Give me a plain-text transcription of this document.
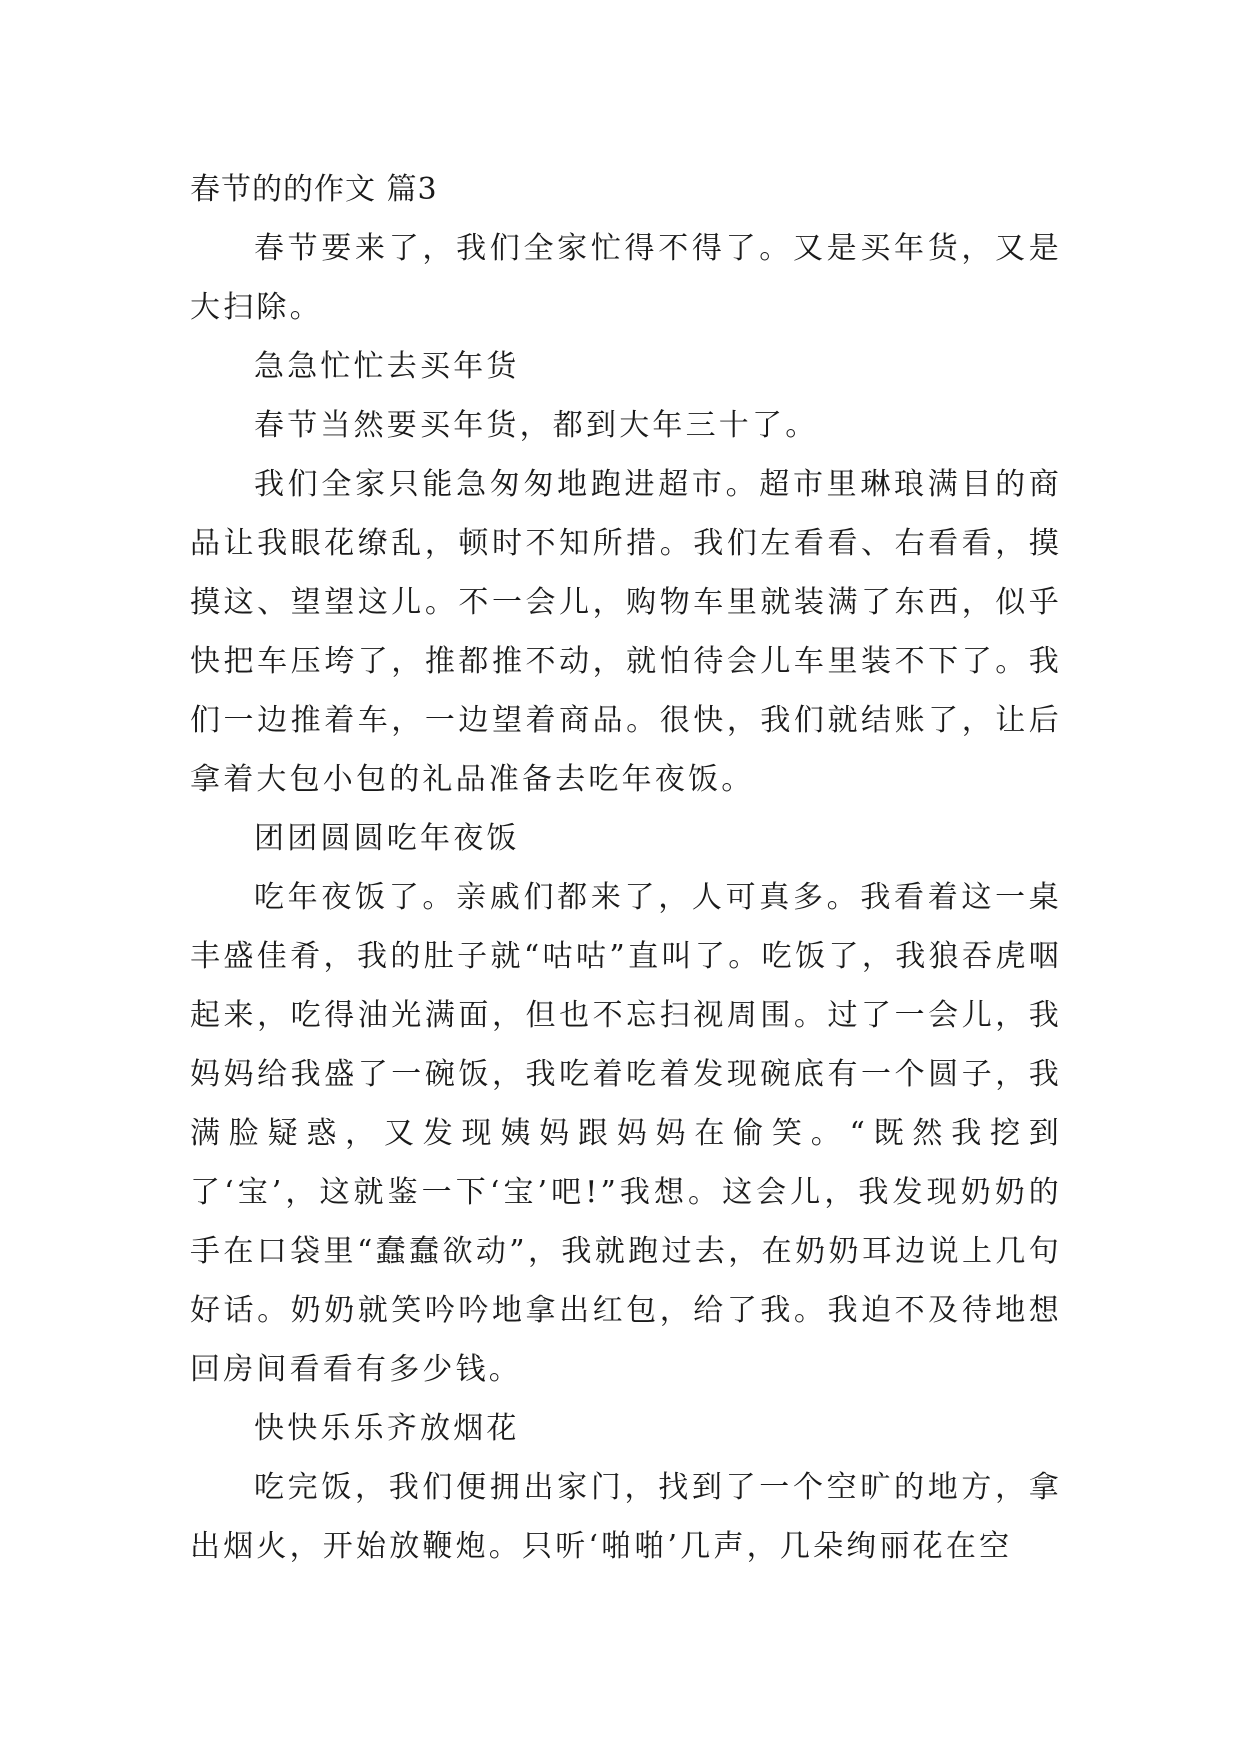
春节的的作文 篇3

春节要来了，我们全家忙得不得了。又是买年货，又是大扫除。

急急忙忙去买年货

春节当然要买年货，都到大年三十了。

我们全家只能急匆匆地跑进超市。超市里琳琅满目的商品让我眼花缭乱，顿时不知所措。我们左看看、右看看，摸摸这、望望这儿。不一会儿，购物车里就装满了东西，似乎快把车压垮了，推都推不动，就怕待会儿车里装不下了。我们一边推着车，一边望着商品。很快，我们就结账了，让后拿着大包小包的礼品准备去吃年夜饭。

团团圆圆吃年夜饭

吃年夜饭了。亲戚们都来了，人可真多。我看着这一桌丰盛佳肴，我的肚子就“咕咕”直叫了。吃饭了，我狼吞虎咽起来，吃得油光满面，但也不忘扫视周围。过了一会儿，我妈妈给我盛了一碗饭，我吃着吃着发现碗底有一个圆子，我满脸疑惑，又发现姨妈跟妈妈在偷笑。“既然我挖到了‘宝’，这就鉴一下‘宝’吧!”我想。这会儿，我发现奶奶的手在口袋里“蠢蠢欲动”，我就跑过去，在奶奶耳边说上几句好话。奶奶就笑吟吟地拿出红包，给了我。我迫不及待地想回房间看看有多少钱。

快快乐乐齐放烟花

吃完饭，我们便拥出家门，找到了一个空旷的地方，拿出烟火，开始放鞭炮。只听‘啪啪’几声，几朵绚丽花在空
